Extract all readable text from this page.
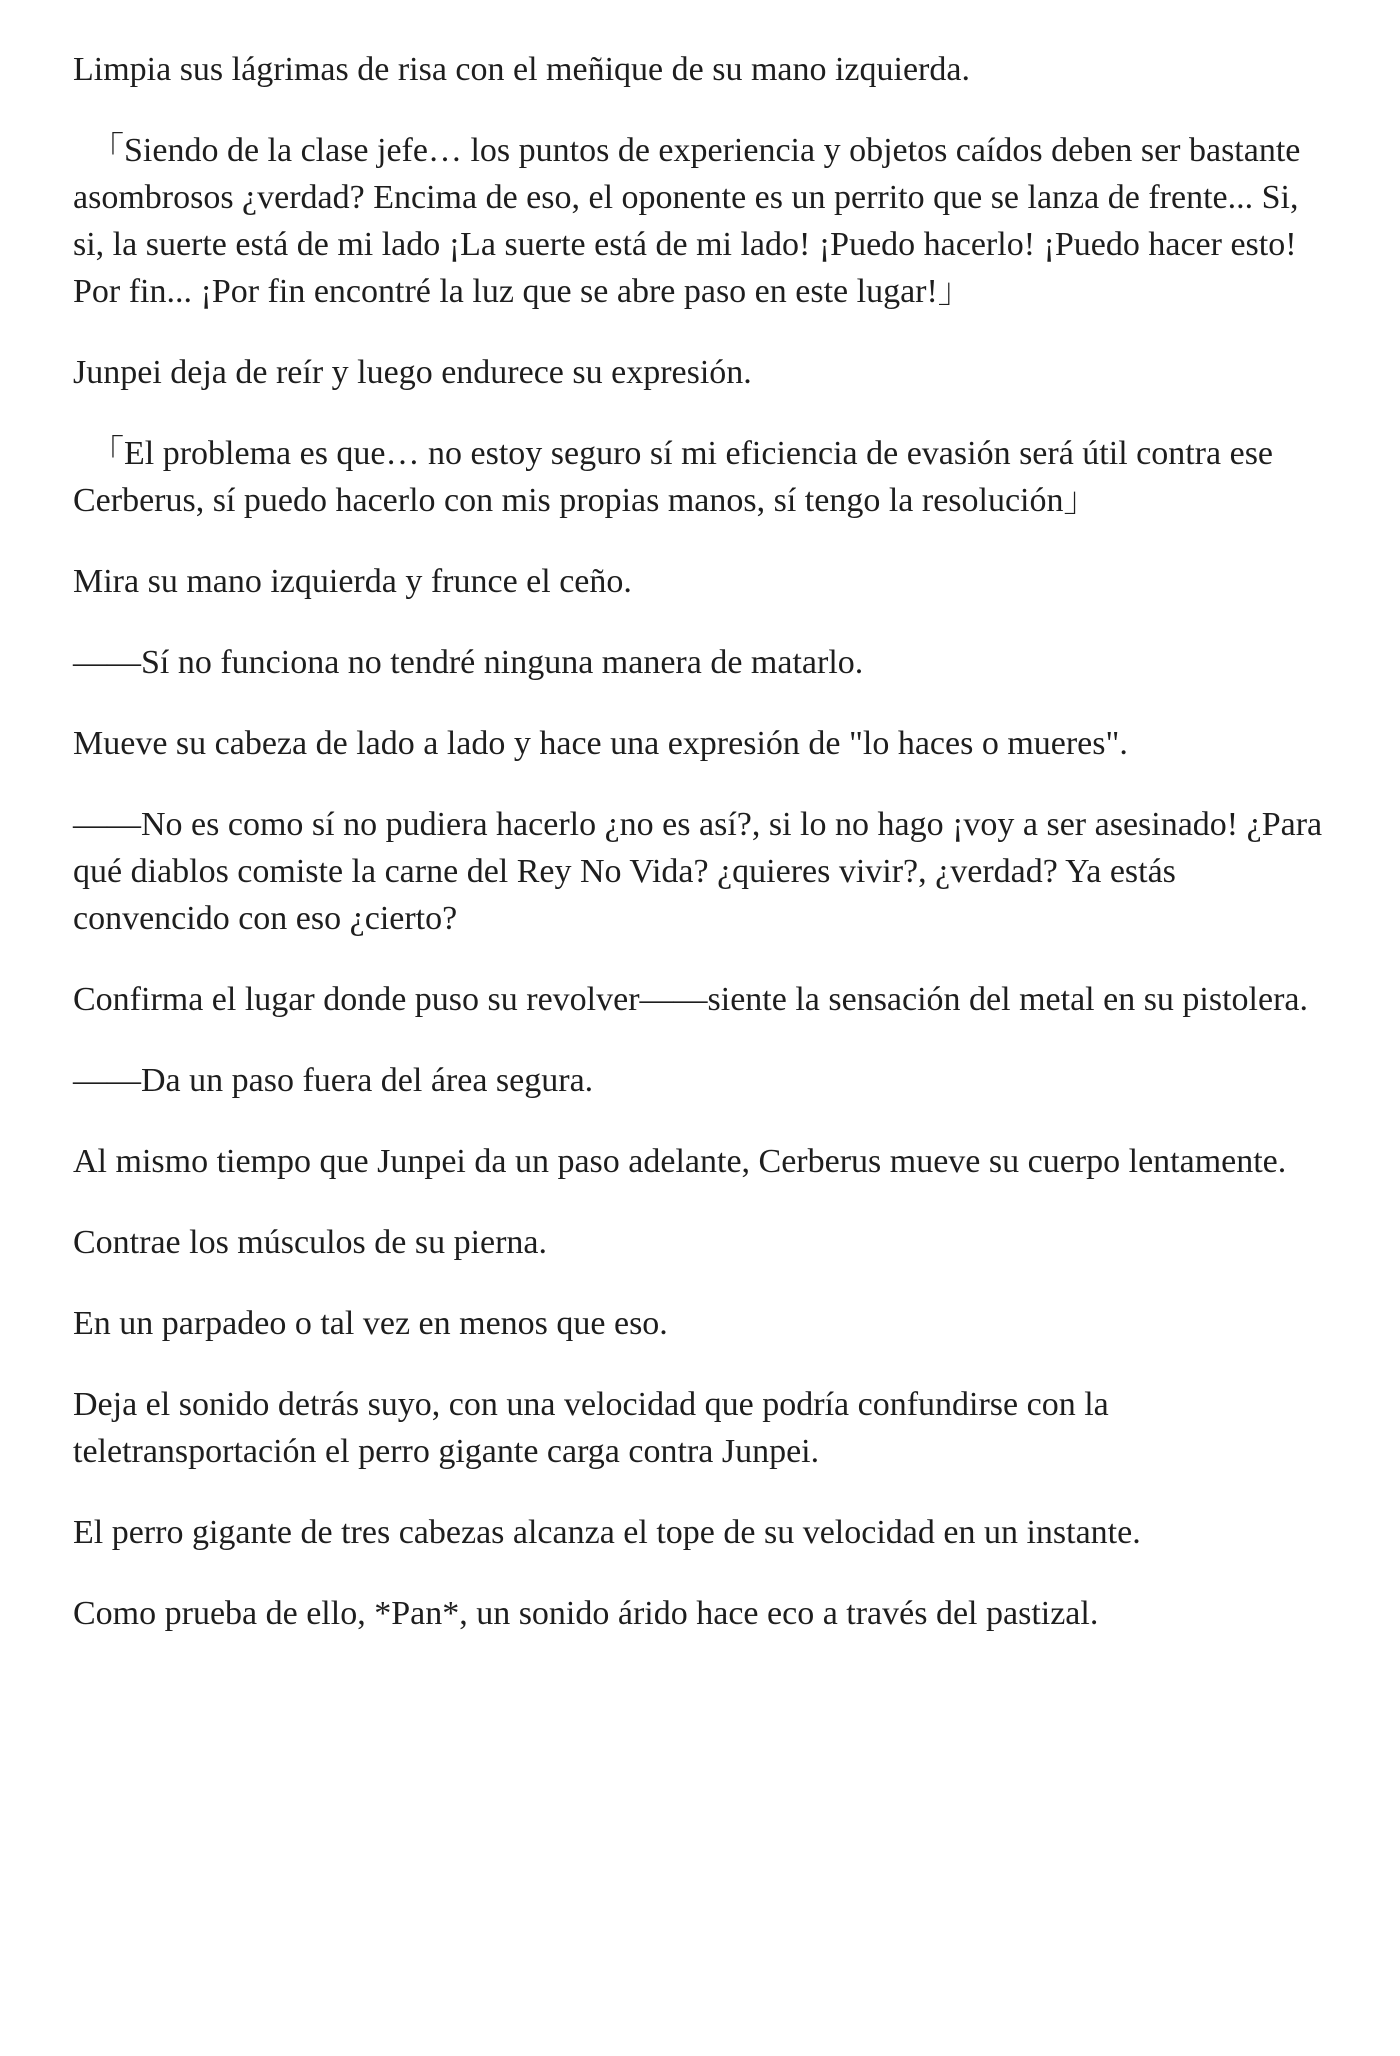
Limpia sus lágrimas de risa con el meñique de su mano izquierda.

　「Siendo de la clase jefe… los puntos de experiencia y objetos caídos deben ser bastante asombrosos ¿verdad? Encima de eso, el oponente es un perrito que se lanza de frente... Si, si, la suerte está de mi lado ¡La suerte está de mi lado! ¡Puedo hacerlo! ¡Puedo hacer esto! Por fin... ¡Por fin encontré la luz que se abre paso en este lugar!」

Junpei deja de reír y luego endurece su expresión.

　「El problema es que… no estoy seguro sí mi eficiencia de evasión será útil contra ese Cerberus, sí puedo hacerlo con mis propias manos, sí tengo la resolución」

Mira su mano izquierda y frunce el ceño.

——Sí no funciona no tendré ninguna manera de matarlo.

Mueve su cabeza de lado a lado y hace una expresión de "lo haces o mueres".

——No es como sí no pudiera hacerlo ¿no es así?, si lo no hago ¡voy a ser asesinado! ¿Para qué diablos comiste la carne del Rey No Vida? ¿quieres vivir?, ¿verdad? Ya estás convencido con eso ¿cierto?

Confirma el lugar donde puso su revolver——siente la sensación del metal en su pistolera.

——Da un paso fuera del área segura.

Al mismo tiempo que Junpei da un paso adelante, Cerberus mueve su cuerpo lentamente.

Contrae los músculos de su pierna.

En un parpadeo o tal vez en menos que eso.

Deja el sonido detrás suyo, con una velocidad que podría confundirse con la teletransportación el perro gigante carga contra Junpei.

El perro gigante de tres cabezas alcanza el tope de su velocidad en un instante.

Como prueba de ello, *Pan*, un sonido árido hace eco a través del pastizal.
